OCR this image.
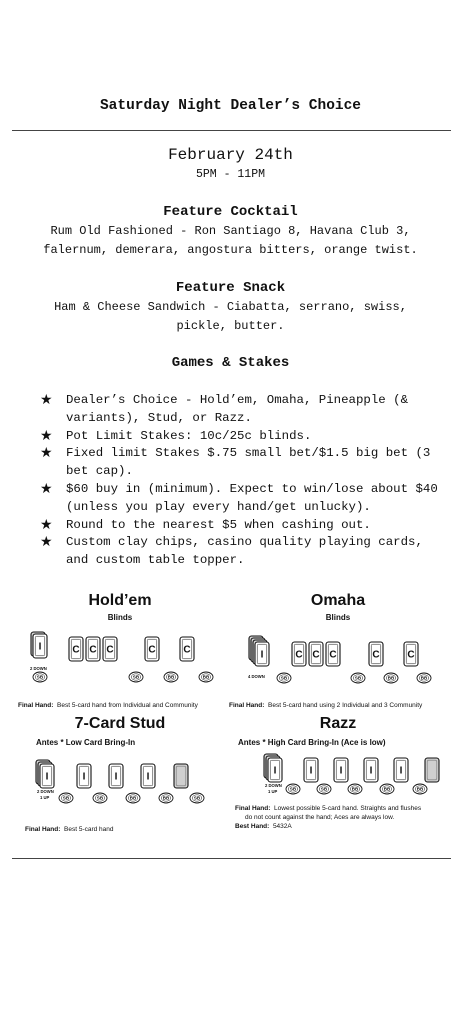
Saturday Night Dealer’s Choice
February 24th
5PM - 11PM
Feature Cocktail
Rum Old Fashioned - Ron Santiago 8, Havana Club 3,
falernum, demerara, angostura bitters, orange twist.
Feature Snack
Ham & Cheese Sandwich - Ciabatta, serrano, swiss,
pickle, butter.
Games & Stakes
★ Dealer’s Choice - Hold’em, Omaha, Pineapple (& variants), Stud, or Razz.
★ Pot Limit Stakes: 10c/25c blinds.
★ Fixed limit Stakes $.75 small bet/$1.5 big bet (3 bet cap).
★ $60 buy in (minimum). Expect to win/lose about $40 (unless you play every hand/get unlucky).
★ Round to the nearest $5 when cashing out.
★ Custom clay chips, casino quality playing cards, and custom table topper.
Hold’em
Blinds
I
2 DOWN
C C C	C	C
SB	SB	BB	BB
Final Hand: Best 5-card hand from Individual and Community
Omaha
Blinds
I
4 DOWN
C C C	C	C
SB	SB	BB	BB
Final Hand: Best 5-card hand using 2 Individual and 3 Community
7-Card Stud
Antes * Low Card Bring-In
I
2 DOWN
1 UP
I	I	I
SB	SB	BB	BB	SB
Final Hand: Best 5-card hand
Razz
Antes * High Card Bring-In (Ace is low)
I
2 DOWN
1 UP
I	I	I	I
SB	SB	BB	BB	BB
Final Hand: Lowest possible 5-card hand. Straights and flushes
do not count against the hand; Aces are always low.
Best Hand: 5432A
